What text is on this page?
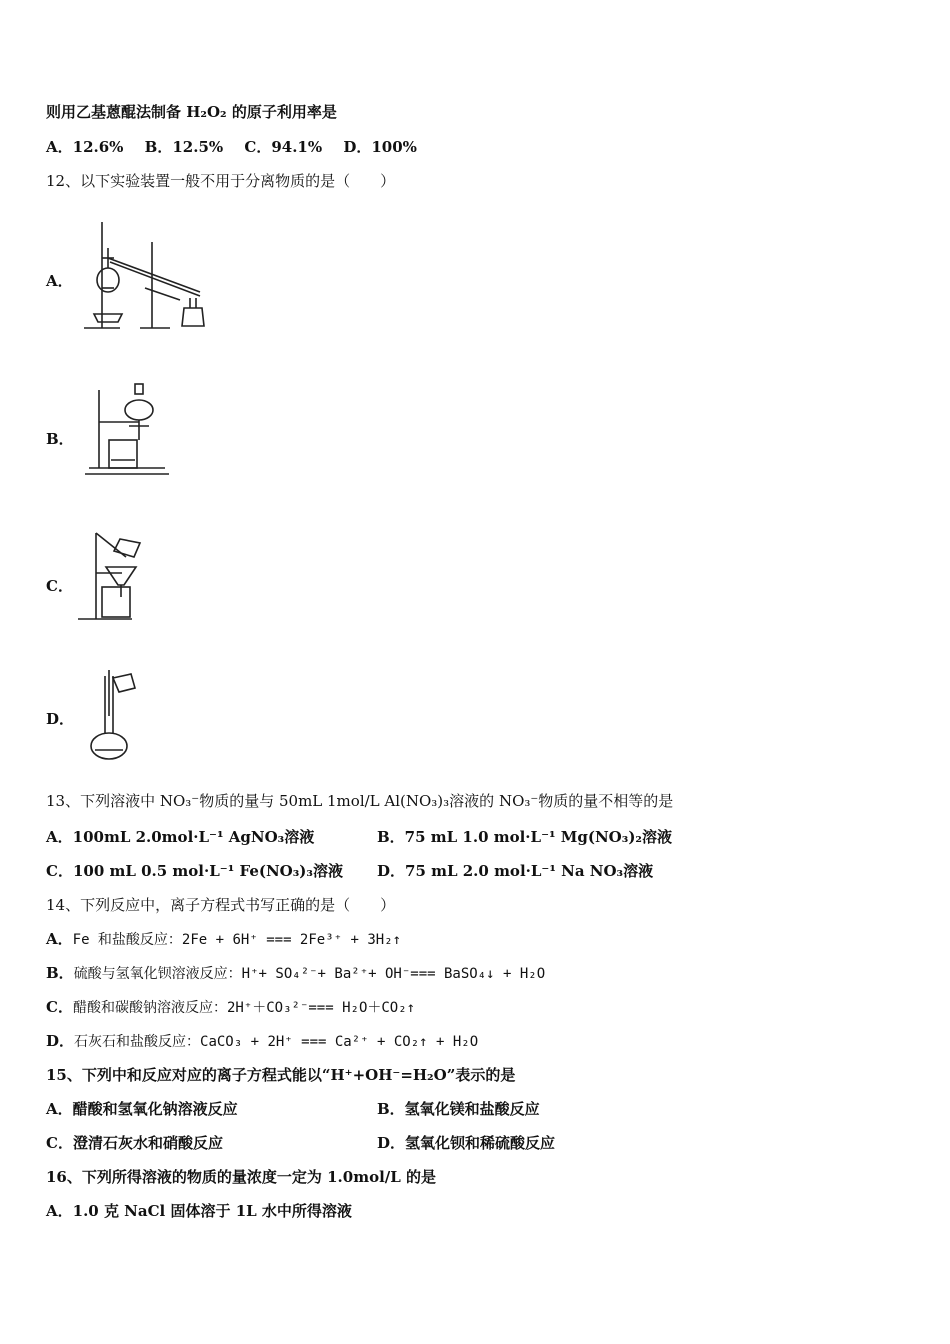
则用乙基蒽醌法制备 H₂O₂ 的原子利用率是
A．12.6% B．12.5% C．94.1% D．100%
12、以下实验装置一般不用于分离物质的是（　　）
A．
B．
C．
D．
13、下列溶液中 NO₃⁻物质的量与 50mL 1mol/L Al(NO₃)₃溶液的 NO₃⁻物质的量不相等的是
A．100mL 2.0mol·L⁻¹ AgNO₃溶液	B．75 mL 1.0 mol·L⁻¹ Mg(NO₃)₂溶液
C．100 mL 0.5 mol·L⁻¹ Fe(NO₃)₃溶液 D．75 mL 2.0 mol·L⁻¹ Na NO₃溶液
14、下列反应中，离子方程式书写正确的是（　　）
A．Fe 和盐酸反应：2Fe + 6H⁺ === 2Fe³⁺ + 3H₂↑
B．硫酸与氢氧化钡溶液反应：H⁺+ SO₄²⁻+ Ba²⁺+ OH⁻=== BaSO₄↓ + H₂O
C．醋酸和碳酸钠溶液反应：2H⁺＋CO₃²⁻=== H₂O＋CO₂↑
D．石灰石和盐酸反应：CaCO₃ + 2H⁺ === Ca²⁺ + CO₂↑ + H₂O
15、下列中和反应对应的离子方程式能以“H⁺+OH⁻=H₂O”表示的是
A．醋酸和氢氧化钠溶液反应	B．氢氧化镁和盐酸反应
C．澄清石灰水和硝酸反应	D．氢氧化钡和稀硫酸反应
16、下列所得溶液的物质的量浓度一定为 1.0mol/L 的是
A．1.0 克 NaCl 固体溶于 1L 水中所得溶液
